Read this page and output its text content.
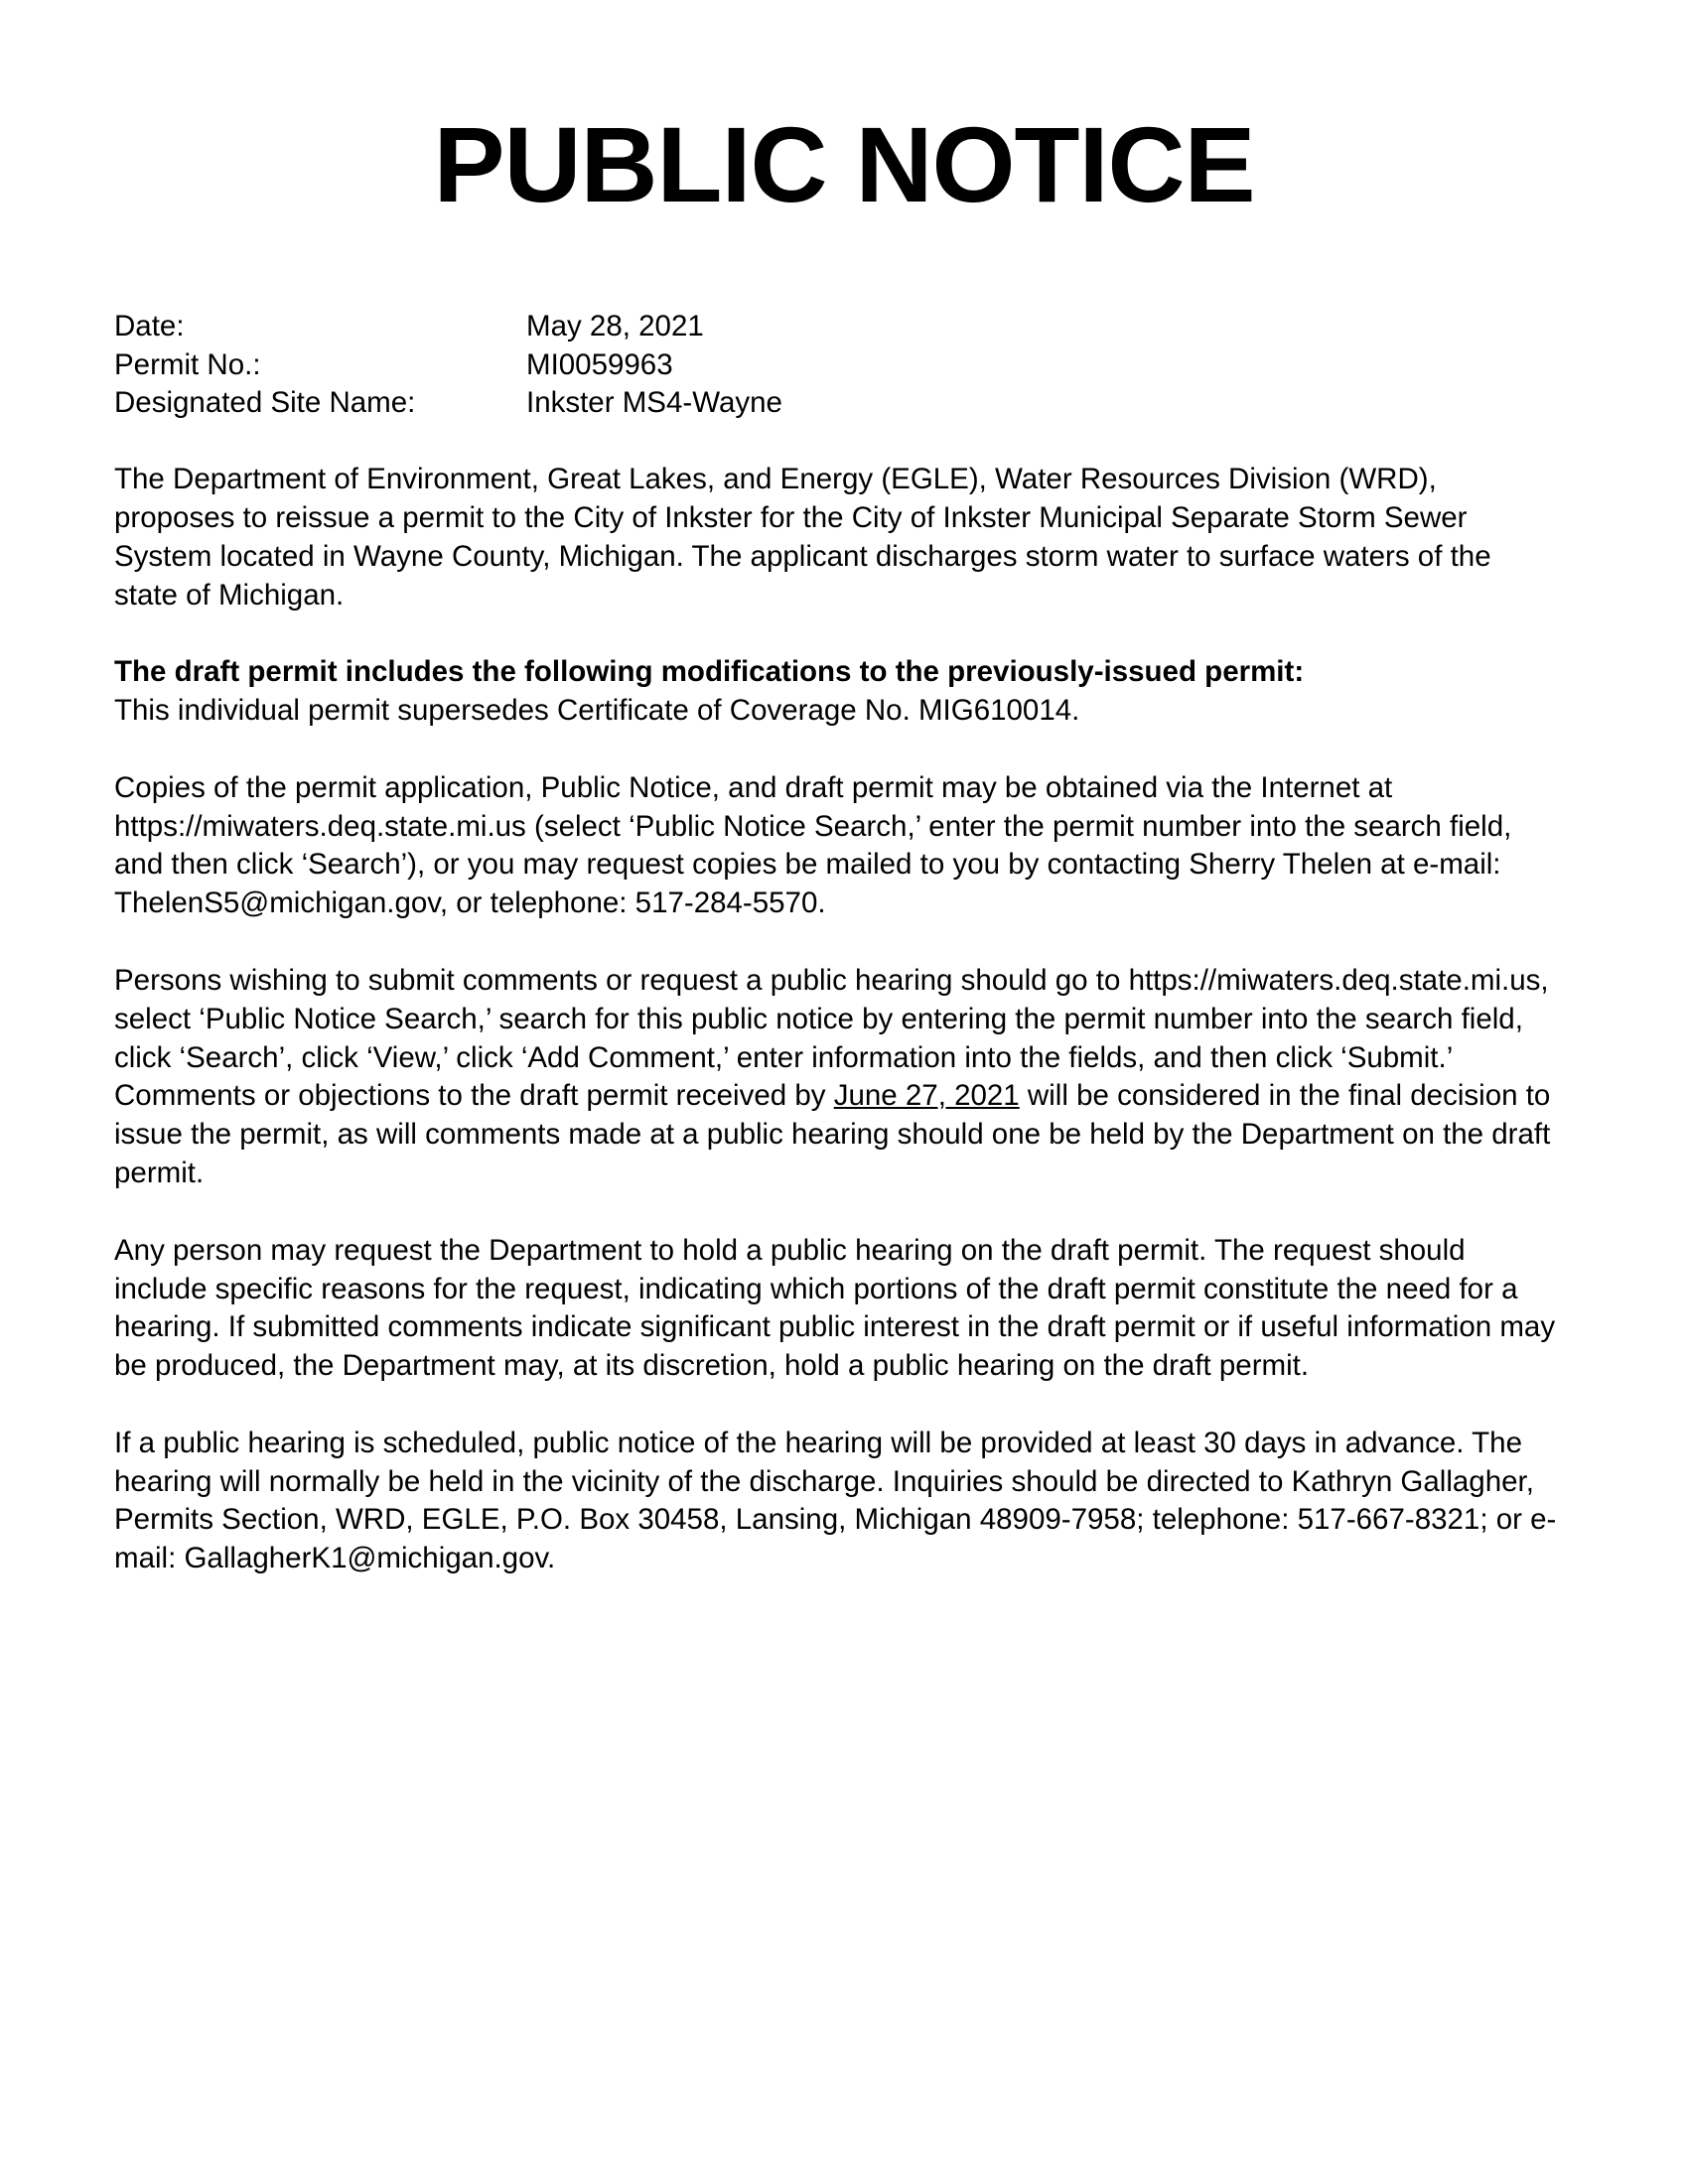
PUBLIC NOTICE
Date:	May 28, 2021
Permit No.:	MI0059963
Designated Site Name:	Inkster MS4-Wayne

The Department of Environment, Great Lakes, and Energy (EGLE), Water Resources Division (WRD), proposes to reissue a permit to the City of Inkster for the City of Inkster Municipal Separate Storm Sewer System located in Wayne County, Michigan. The applicant discharges storm water to surface waters of the state of Michigan.

The draft permit includes the following modifications to the previously-issued permit:

This individual permit supersedes Certificate of Coverage No. MIG610014.

Copies of the permit application, Public Notice, and draft permit may be obtained via the Internet at https://miwaters.deq.state.mi.us (select ‘Public Notice Search,’ enter the permit number into the search field, and then click ‘Search’), or you may request copies be mailed to you by contacting Sherry Thelen at e-mail: ThelenS5@michigan.gov, or telephone: 517-284-5570.

Persons wishing to submit comments or request a public hearing should go to https://miwaters.deq.state.mi.us, select ‘Public Notice Search,’ search for this public notice by entering the permit number into the search field, click ‘Search’, click ‘View,’ click ‘Add Comment,’ enter information into the fields, and then click ‘Submit.’ Comments or objections to the draft permit received by June 27, 2021 will be considered in the final decision to issue the permit, as will comments made at a public hearing should one be held by the Department on the draft permit.

Any person may request the Department to hold a public hearing on the draft permit. The request should include specific reasons for the request, indicating which portions of the draft permit constitute the need for a hearing. If submitted comments indicate significant public interest in the draft permit or if useful information may be produced, the Department may, at its discretion, hold a public hearing on the draft permit.

If a public hearing is scheduled, public notice of the hearing will be provided at least 30 days in advance. The hearing will normally be held in the vicinity of the discharge. Inquiries should be directed to Kathryn Gallagher, Permits Section, WRD, EGLE, P.O. Box 30458, Lansing, Michigan 48909-7958; telephone: 517-667-8321; or e-mail: GallagherK1@michigan.gov.
